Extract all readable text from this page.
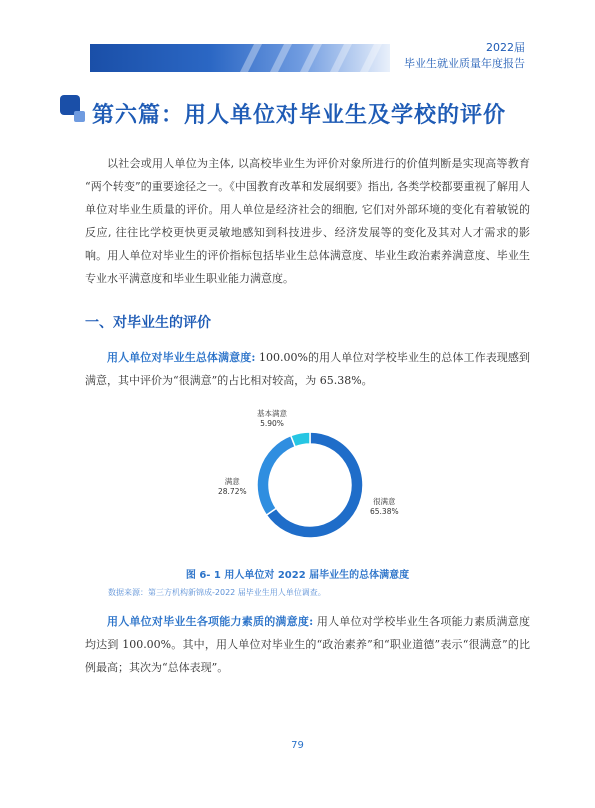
2022届
毕业生就业质量年度报告
第六篇：用人单位对毕业生及学校的评价
以社会或用人单位为主体, 以高校毕业生为评价对象所进行的价值判断是实现高等教育 “两个转变”的重要途径之一。《中国教育改革和发展纲要》指出, 各类学校都要重视了解用人单位对毕业生质量的评价。用人单位是经济社会的细胞, 它们对外部环境的变化有着敏锐的反应, 往往比学校更快更灵敏地感知到科技进步、经济发展等的变化及其对人才需求的影响。用人单位对毕业生的评价指标包括毕业生总体满意度、毕业生政治素养满意度、毕业生专业水平满意度和毕业生职业能力满意度。
一、对毕业生的评价
用人单位对毕业生总体满意度: 100.00%的用人单位对学校毕业生的总体工作表现感到满意，其中评价为“很满意”的占比相对较高，为 65.38%。
基本满意
5.90%
满意
28.72%
很满意
65.38%
图 6- 1 用人单位对 2022 届毕业生的总体满意度
数据来源：第三方机构新锦成-2022 届毕业生用人单位调查。
用人单位对毕业生各项能力素质的满意度: 用人单位对学校毕业生各项能力素质满意度均达到 100.00%。其中，用人单位对毕业生的“政治素养”和“职业道德”表示“很满意”的比例最高；其次为“总体表现”。
79
